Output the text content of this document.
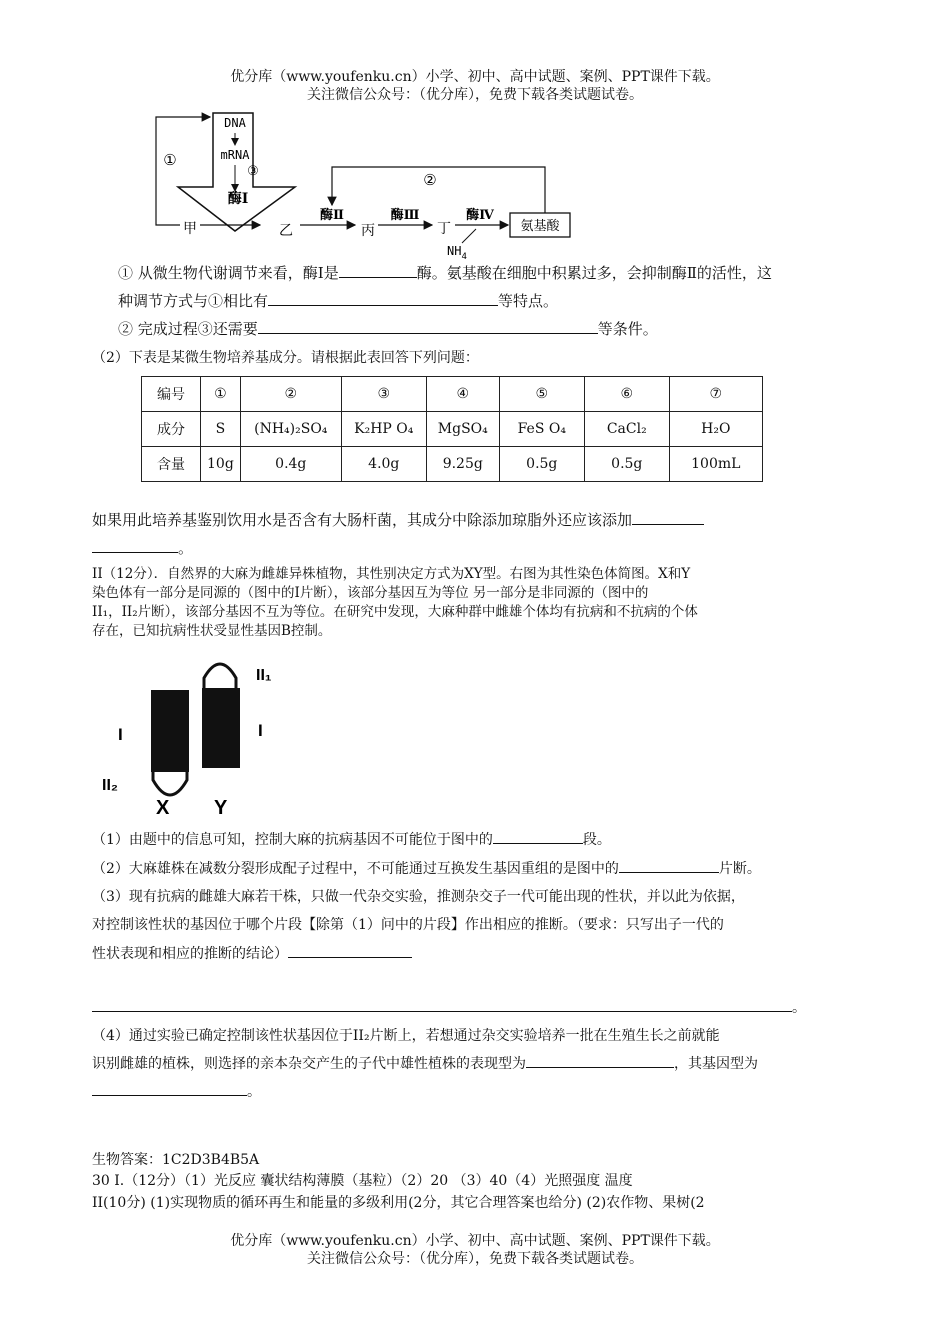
优分库（www.youfenku.cn）小学、初中、高中试题、案例、PPT课件下载。
关注微信公众号：（优分库），免费下载各类试题试卷。
DNA
mRNA
③
酶Ⅰ
①
②
甲	乙	丙	丁
酶Ⅱ	酶Ⅲ	酶Ⅳ
$NH_4$
氨基酸
① 从微生物代谢调节来看，酶Ⅰ是	酶。氨基酸在细胞中积累过多，会抑制酶Ⅱ的活性，这
种调节方式与①相比有	等特点。
② 完成过程③还需要	等条件。
（2）下表是某微生物培养基成分。请根据此表回答下列问题：
编号	①	②	③	④	⑤	⑥	⑦
成分	S	(NH₄)₂SO₄	K₂HP O₄	MgSO₄	FeS O₄	CaCl₂	H₂O
含量	10g	0.4g	4.0g	9.25g	0.5g	0.5g	100mL
如果用此培养基鉴别饮用水是否含有大肠杆菌，其成分中除添加琼脂外还应该添加
。
II（12分）．自然界的大麻为雌雄异株植物，其性别决定方式为XY型。右图为其性染色体简图。X和Y
染色体有一部分是同源的（图中的Ⅰ片断），该部分基因互为等位 另一部分是非同源的（图中的
II₁，II₂片断），该部分基因不互为等位。在研究中发现，大麻种群中雌雄个体均有抗病和不抗病的个体
存在，已知抗病性状受显性基因B控制。
II₁
I	I
II₂
X Y
（1）由题中的信息可知，控制大麻的抗病基因不可能位于图中的	段。
（2）大麻雄株在减数分裂形成配子过程中，不可能通过互换发生基因重组的是图中的	片断。
（3）现有抗病的雌雄大麻若干株，只做一代杂交实验，推测杂交子一代可能出现的性状，并以此为依据，
对控制该性状的基因位于哪个片段【除第（1）问中的片段】作出相应的推断。（要求：只写出子一代的
性状表现和相应的推断的结论）
。
（4）通过实验已确定控制该性状基因位于II₂片断上，若想通过杂交实验培养一批在生殖生长之前就能
识别雌雄的植株，则选择的亲本杂交产生的子代中雄性植株的表现型为	，其基因型为
。
生物答案：1C2D3B4B5A
30 I.（12分）（1）光反应 囊状结构薄膜（基粒）（2）20 （3）40（4）光照强度 温度
II(10分) (1)实现物质的循环再生和能量的多级利用(2分，其它合理答案也给分) (2)农作物、果树(2
优分库（www.youfenku.cn）小学、初中、高中试题、案例、PPT课件下载。
关注微信公众号：（优分库），免费下载各类试题试卷。
